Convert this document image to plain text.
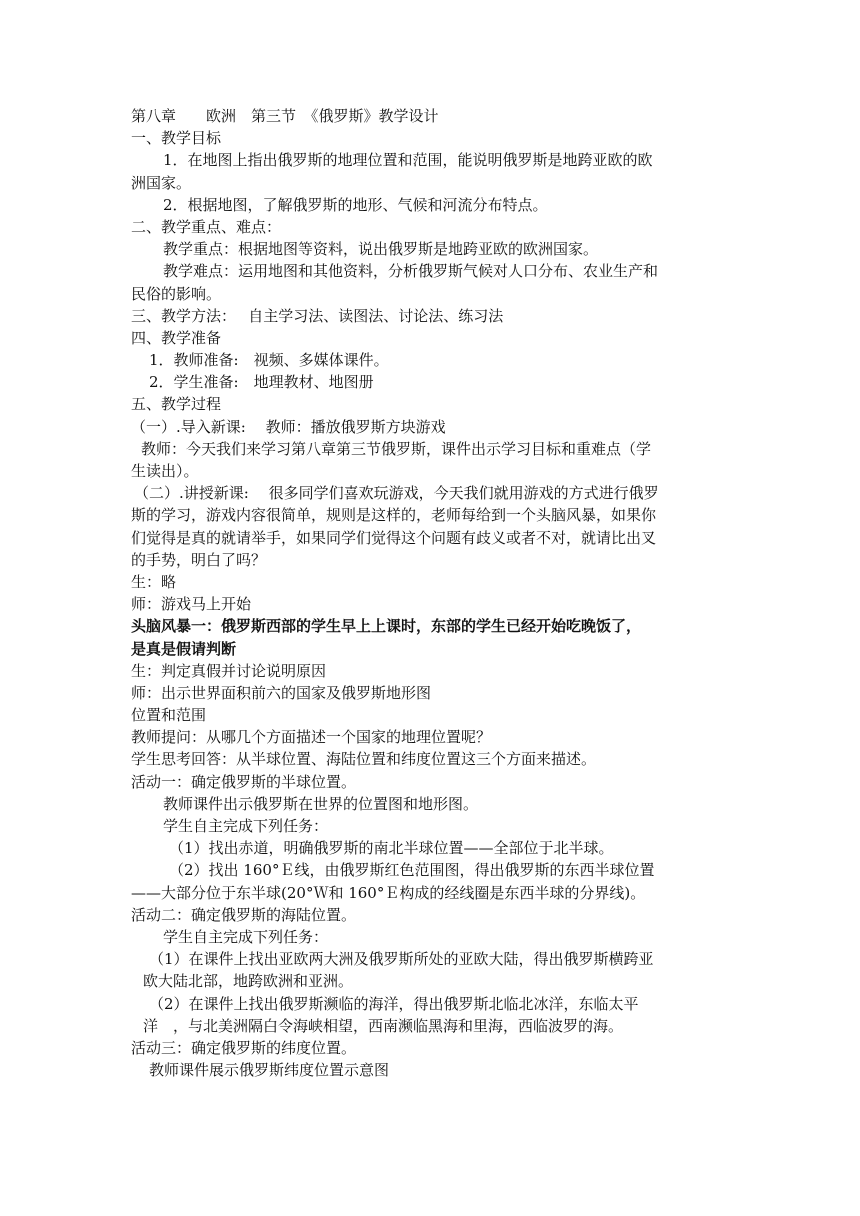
第八章　　欧洲　第三节　《俄罗斯》教学设计
一、教学目标
1．在地图上指出俄罗斯的地理位置和范围，能说明俄罗斯是地跨亚欧的欧
洲国家。
2．根据地图，了解俄罗斯的地形、气候和河流分布特点。
二、教学重点、难点：
教学重点：根据地图等资料，说出俄罗斯是地跨亚欧的欧洲国家。
教学难点：运用地图和其他资料，分析俄罗斯气候对人口分布、农业生产和
民俗的影响。
三、教学方法：　 自主学习法、读图法、讨论法、练习法
四、教学准备
1．教师准备:　视频、多媒体课件。
2．学生准备:　地理教材、地图册
五、教学过程
（一）.导入新课:　 教师：播放俄罗斯方块游戏
教师：今天我们来学习第八章第三节俄罗斯，课件出示学习目标和重难点（学
生读出）。
（二）.讲授新课:　 很多同学们喜欢玩游戏，今天我们就用游戏的方式进行俄罗
斯的学习，游戏内容很简单，规则是这样的，老师每给到一个头脑风暴，如果你
们觉得是真的就请举手，如果同学们觉得这个问题有歧义或者不对，就请比出叉
的手势，明白了吗？
生：略
师：游戏马上开始
头脑风暴一：俄罗斯西部的学生早上上课时，东部的学生已经开始吃晚饭了，
是真是假请判断
生：判定真假并讨论说明原因
师：出示世界面积前六的国家及俄罗斯地形图
位置和范围
教师提问：从哪几个方面描述一个国家的地理位置呢？
学生思考回答：从半球位置、海陆位置和纬度位置这三个方面来描述。
活动一：确定俄罗斯的半球位置。
教师课件出示俄罗斯在世界的位置图和地形图。
学生自主完成下列任务：
（1）找出赤道，明确俄罗斯的南北半球位置——全部位于北半球。
（2）找出 160°Ｅ线，由俄罗斯红色范围图，得出俄罗斯的东西半球位置
——大部分位于东半球(20°Ｗ和 160°Ｅ构成的经线圈是东西半球的分界线)。
活动二：确定俄罗斯的海陆位置。
学生自主完成下列任务：
（1）在课件上找出亚欧两大洲及俄罗斯所处的亚欧大陆，得出俄罗斯横跨亚
欧大陆北部，地跨欧洲和亚洲。
（2）在课件上找出俄罗斯濒临的海洋，得出俄罗斯北临北冰洋，东临太平
洋　，与北美洲隔白令海峡相望，西南濒临黑海和里海，西临波罗的海。
活动三：确定俄罗斯的纬度位置。
教师课件展示俄罗斯纬度位置示意图
